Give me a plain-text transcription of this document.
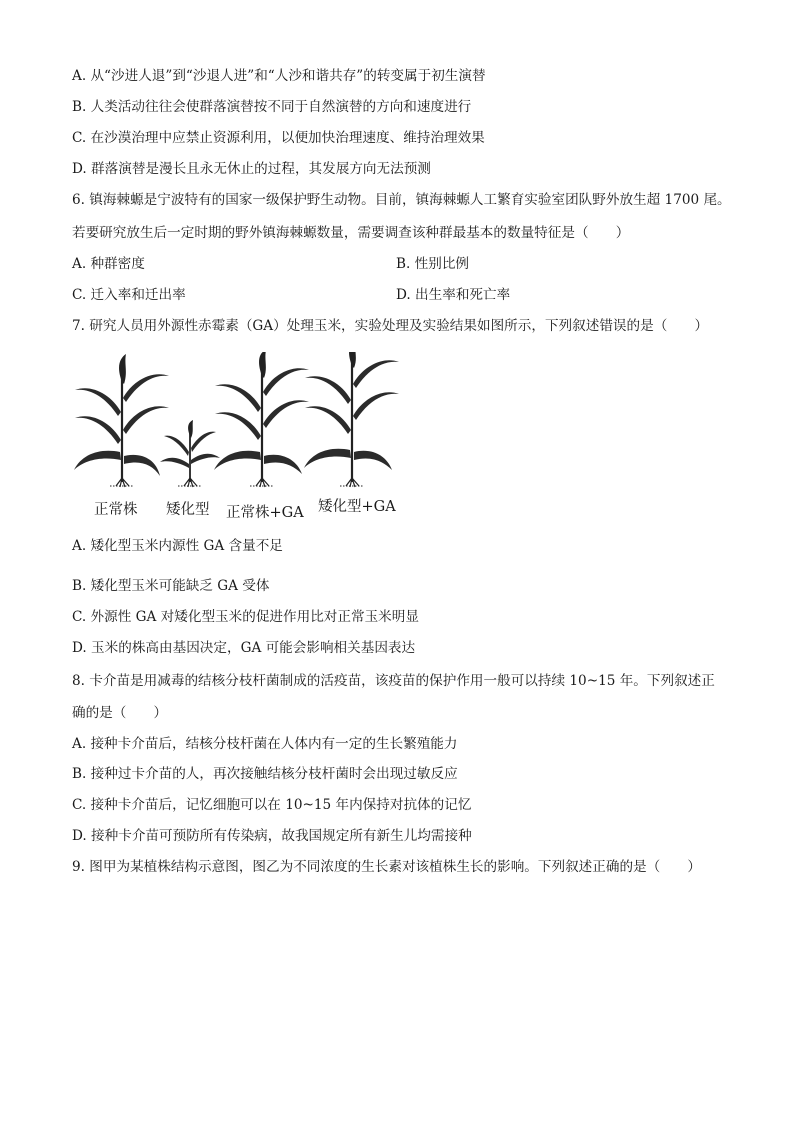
A. 从“沙进人退”到“沙退人进”和“人沙和谐共存”的转变属于初生演替
B. 人类活动往往会使群落演替按不同于自然演替的方向和速度进行
C. 在沙漠治理中应禁止资源利用，以便加快治理速度、维持治理效果
D. 群落演替是漫长且永无休止的过程，其发展方向无法预测
6. 镇海棘螈是宁波特有的国家一级保护野生动物。目前，镇海棘螈人工繁育实验室团队野外放生超 1700 尾。
若要研究放生后一定时期的野外镇海棘螈数量，需要调查该种群最基本的数量特征是（　　）
A. 种群密度	B. 性别比例
C. 迁入率和迁出率	D. 出生率和死亡率
7. 研究人员用外源性赤霉素（GA）处理玉米，实验处理及实验结果如图所示，下列叙述错误的是（　　）
正常株 矮化型 正常株+GA 矮化型+GA
A. 矮化型玉米内源性 GA 含量不足
B. 矮化型玉米可能缺乏 GA 受体
C. 外源性 GA 对矮化型玉米的促进作用比对正常玉米明显
D. 玉米的株高由基因决定，GA 可能会影响相关基因表达
8. 卡介苗是用减毒的结核分枝杆菌制成的活疫苗，该疫苗的保护作用一般可以持续 10~15 年。下列叙述正
确的是（　　）
A. 接种卡介苗后，结核分枝杆菌在人体内有一定的生长繁殖能力
B. 接种过卡介苗的人，再次接触结核分枝杆菌时会出现过敏反应
C. 接种卡介苗后，记忆细胞可以在 10~15 年内保持对抗体的记忆
D. 接种卡介苗可预防所有传染病，故我国规定所有新生儿均需接种
9. 图甲为某植株结构示意图，图乙为不同浓度的生长素对该植株生长的影响。下列叙述正确的是（　　）
